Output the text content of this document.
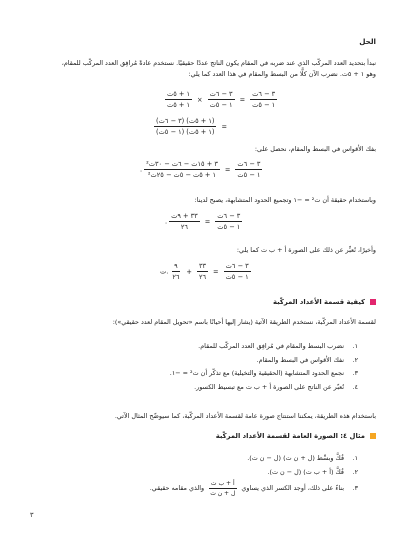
الحل
نبدأ بتحديد العدد المركّب الذي عند ضربه في المقام يكون الناتج عددًا حقيقيًا. نستخدم عادةً مُرافِق العدد المركّب للمقام،
وهو ١ + ٥ت. نضرب الآن كلًّا من البسط والمقام في هذا العدد كما يلي:
$\frac{\text{١ + ٥ت}}{\text{١ + ٥ت}} \times \frac{\text{٣ − ٦ت}}{\text{١ − ٥ت}} = \frac{\text{٣ − ٦ت}}{\text{١ − ٥ت}}$
$\frac{\text{(٣ − ٦ت) (١ + ٥ت)}}{\text{(١ − ٥ت) (١ + ٥ت)}}$ =
بفك الأقواس في البسط والمقام، نحصل على:
. $\frac{\text{٣ + ١٥ت − ٦ت − ٣٠ت²}}{\text{١ + ٥ت − ٥ت − ٢٥ت²}} = \frac{\text{٣ − ٦ت}}{\text{١ − ٥ت}}$
وباستخدام حقيقة أن ت² = −١ وتجميع الحدود المتشابهة، يصبح لدينا:
. $\frac{\text{٣٣ + ٩ت}}{٢٦} = \frac{\text{٣ − ٦ت}}{\text{١ − ٥ت}}$
وأخيرًا، نُعبِّر عن ذلك على الصورة أ + ب ت كما يلي:
ت. $\frac{٩}{٢٦} + \frac{٣٣}{٢٦} = \frac{\text{٣ − ٦ت}}{\text{١ − ٥ت}}$
كيفية قسمة الأعداد المركّبة
لقسمة الأعداد المركّبة، نستخدم الطريقة الآتية (يشار إليها أحيانًا باسم «تحويل المقام لعدد حقيقي»):
١.نضرب البسط والمقام في مُرافِق العدد المركّب للمقام.
٢.نفك الأقواس في البسط والمقام.
٣.نجمع الحدود المتشابهة (الحقيقية والتخيلية) مع تذكّر أن ت² = −١.
٤.نُعبّر عن الناتج على الصورة أ + ب ت مع تبسيط الكسور.
باستخدام هذه الطريقة، يمكننا استنتاج صورة عامة لقسمة الأعداد المركّبة، كما سيوضّح المثال الآتي.
مثال ٤: الصورة العامة لقسمة الأعداد المركّبة
١.فُكَّ وبسِّط (ل + ن ت) (ل − ن ت).
٢.فُكَّ (أ + ب ت) (ل − ن ت).
٣.بناءً على ذلك، أوجد الكسر الذي يساوي
$\frac{\text{أ + ب ت}}{\text{ل + ن ت}}$
والذي مقامه حقيقي.
٣
